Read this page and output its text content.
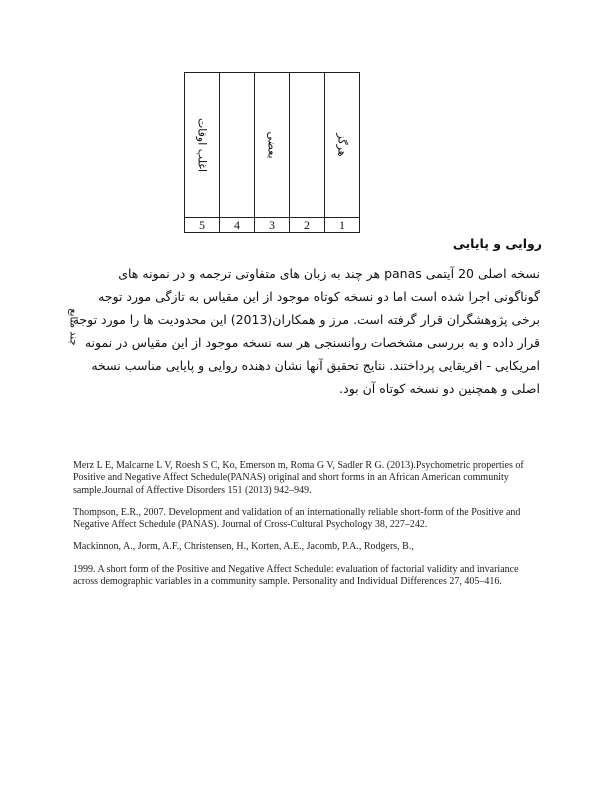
اغلب اوقات		بعضی		هرگز

5	4	3	2	1
روایی و پایایی

نسخه اصلی 20 آیتمی panas هر چند به زبان های متفاوتی ترجمه و در نمونه های گوناگونی اجرا شده است اما دو نسخه کوتاه موجود از این مقیاس به تازگی مورد توجه برخی پژوهشگران قرار گرفته است. مرز و همکاران(2013) این محدودیت ها را مورد توجه قرار داده و به بررسی مشخصات روانسنجی هر سه نسخه موجود از این مقیاس در نمونه امریکایی - افریقایی پرداختند. نتایج تحقیق آنها نشان دهنده روایی و پایایی مناسب نسخه اصلی و همچنین دو نسخه کوتاه آن بود.

چند منابع

Merz L E, Malcarne L V, Roesh S C, Ko, Emerson m, Roma G V, Sadler R G. (2013).Psychometric properties of Positive and Negative Affect Schedule(PANAS) original and short forms in an African American community sample.Journal of Affective Disorders 151 (2013) 942–949.

Thompson, E.R., 2007. Development and validation of an internationally reliable short-form of the Positive and Negative Affect Schedule (PANAS). Journal of Cross-Cultural Psychology 38, 227–242.

Mackinnon, A., Jorm, A.F., Christensen, H., Korten, A.E., Jacomb, P.A., Rodgers, B.,

1999. A short form of the Positive and Negative Affect Schedule: evaluation of factorial validity and invariance across demographic variables in a community sample. Personality and Individual Differences 27, 405–416.
